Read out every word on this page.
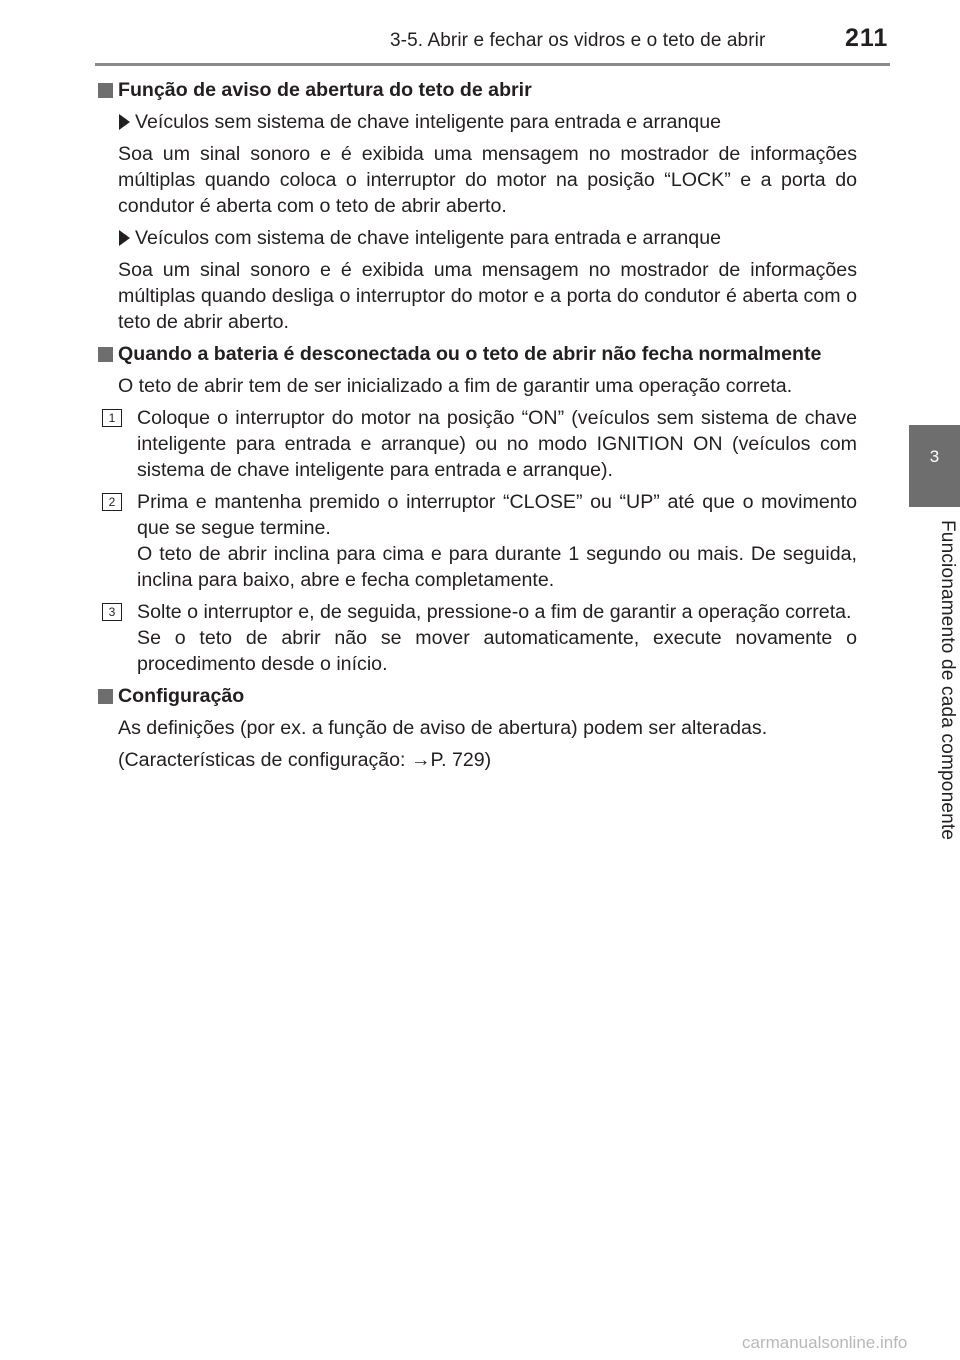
3-5. Abrir e fechar os vidros e o teto de abrir	211
3
Funcionamento de cada componente
Função de aviso de abertura do teto de abrir
Veículos sem sistema de chave inteligente para entrada e arranque

Soa um sinal sonoro e é exibida uma mensagem no mostrador de informações múltiplas quando coloca o interruptor do motor na posição “LOCK” e a porta do condutor é aberta com o teto de abrir aberto.

Veículos com sistema de chave inteligente para entrada e arranque

Soa um sinal sonoro e é exibida uma mensagem no mostrador de informações múltiplas quando desliga o interruptor do motor e a porta do condutor é aberta com o teto de abrir aberto.

Quando a bateria é desconectada ou o teto de abrir não fecha normalmente

O teto de abrir tem de ser inicializado a fim de garantir uma operação correta.

1	Coloque o interruptor do motor na posição “ON” (veículos sem sistema de chave inteligente para entrada e arranque) ou no modo IGNITION ON (veículos com sistema de chave inteligente para entrada e arranque).

2	Prima e mantenha premido o interruptor “CLOSE” ou “UP” até que o movimento que se segue termine.

O teto de abrir inclina para cima e para durante 1 segundo ou mais. De seguida, inclina para baixo, abre e fecha completamente.

3	Solte o interruptor e, de seguida, pressione-o a fim de garantir a operação correta.

Se o teto de abrir não se mover automaticamente, execute novamente o procedimento desde o início.

Configuração

As definições (por ex. a função de aviso de abertura) podem ser alteradas.

(Características de configuração: →P. 729)

carmanualsonline.info
